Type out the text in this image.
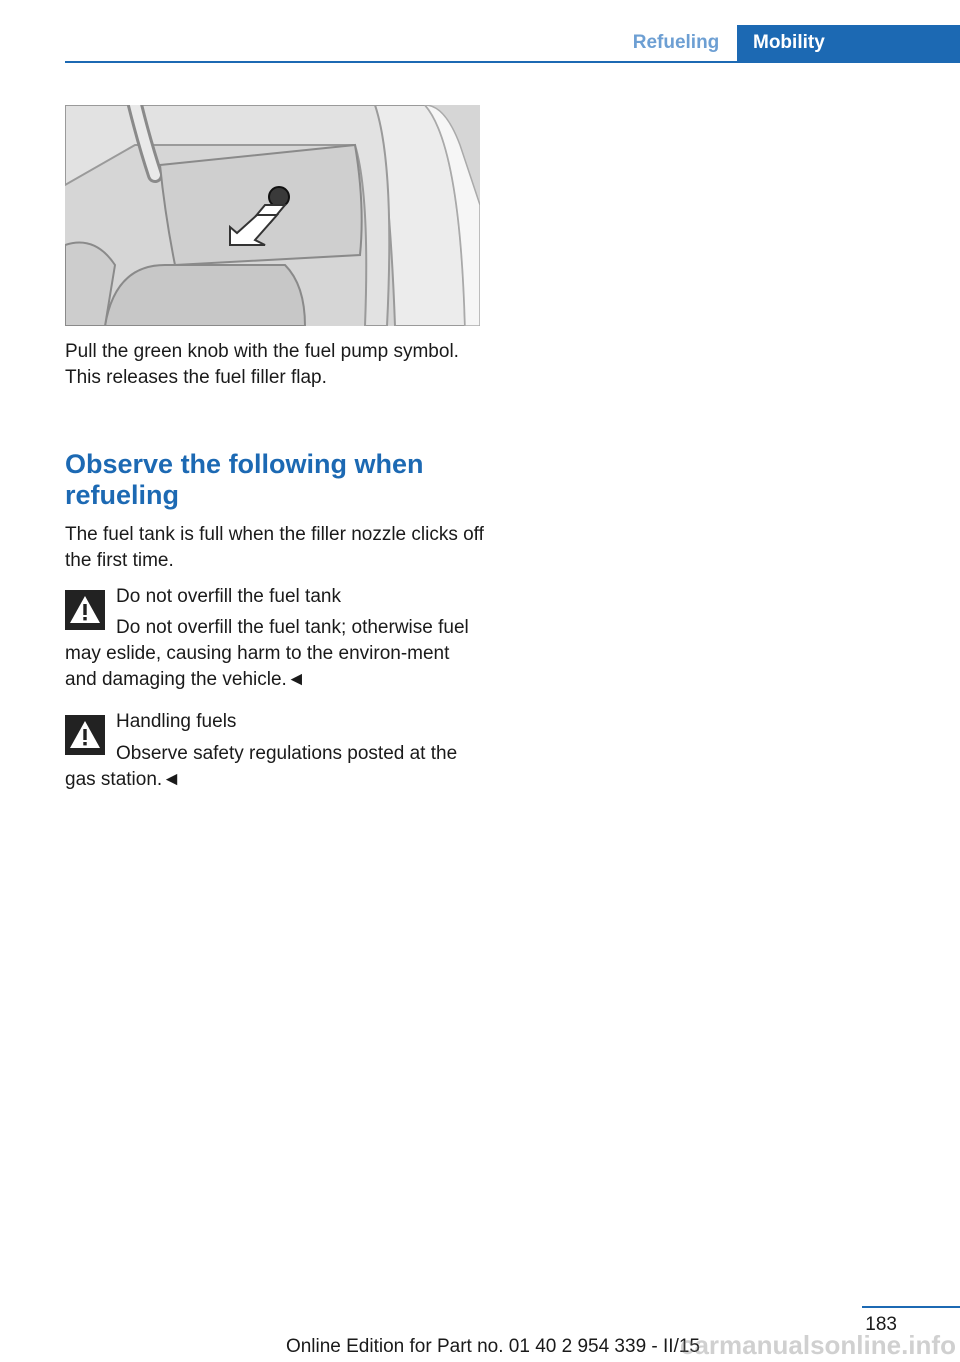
Refueling	Mobility
Pull the green knob with the fuel pump symbol.
This releases the fuel filler flap.
Observe the following when refueling
The fuel tank is full when the filler nozzle clicks off the first time.
Do not overfill the fuel tank
Do not overfill the fuel tank; otherwise fuel may eslide, causing harm to the environ-ment and damaging the vehicle.◄
Handling fuels
Observe safety regulations posted at the gas station.◄
183
Online Edition for Part no. 01 40 2 954 339 - II/15
carmanualsonline.info
